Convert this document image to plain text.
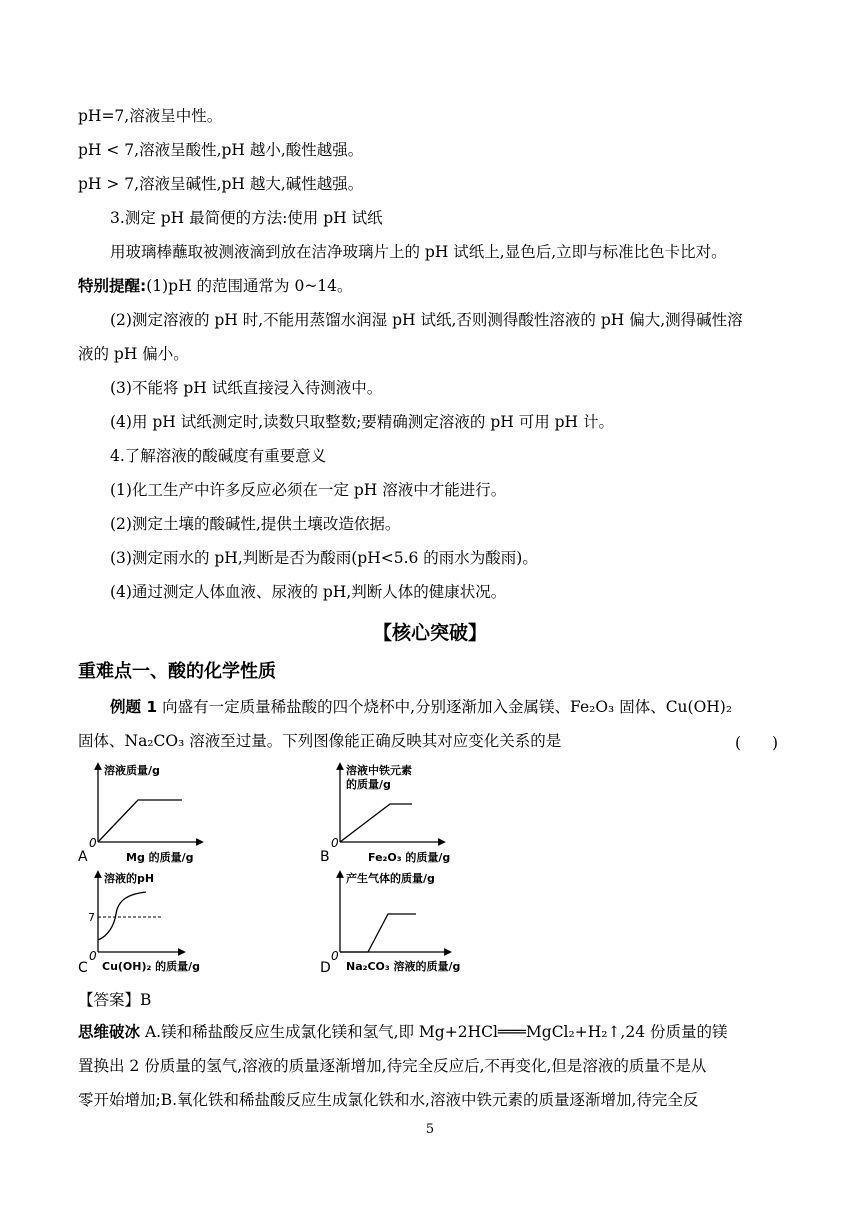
pH=7,溶液呈中性。
pH < 7,溶液呈酸性,pH 越小,酸性越强。
pH > 7,溶液呈碱性,pH 越大,碱性越强。
3.测定 pH 最简便的方法:使用 pH 试纸
用玻璃棒蘸取被测液滴到放在洁净玻璃片上的 pH 试纸上,显色后,立即与标准比色卡比对。
特别提醒:(1)pH 的范围通常为 0~14。
(2)测定溶液的 pH 时,不能用蒸馏水润湿 pH 试纸,否则测得酸性溶液的 pH 偏大,测得碱性溶
液的 pH 偏小。
(3)不能将 pH 试纸直接浸入待测液中。
(4)用 pH 试纸测定时,读数只取整数;要精确测定溶液的 pH 可用 pH 计。
4.了解溶液的酸碱度有重要意义
(1)化工生产中许多反应必须在一定 pH 溶液中才能进行。
(2)测定土壤的酸碱性,提供土壤改造依据。
(3)测定雨水的 pH,判断是否为酸雨(pH<5.6 的雨水为酸雨)。
(4)通过测定人体血液、尿液的 pH,判断人体的健康状况。
【核心突破】
重难点一、酸的化学性质
例题 1 向盛有一定质量稀盐酸的四个烧杯中,分别逐渐加入金属镁、Fe₂O₃ 固体、Cu(OH)₂
固体、Na₂CO₃ 溶液至过量。下列图像能正确反映其对应变化关系的是	(　　)
溶液质量/g
0
A	Mg 的质量/g
溶液中铁元素
的质量/g
0
B	Fe₂O₃ 的质量/g
溶液的pH
7
0
C Cu(OH)₂ 的质量/g
产生气体的质量/g
0
D Na₂CO₃ 溶液的质量/g
【答案】B
思维破冰 A.镁和稀盐酸反应生成氯化镁和氢气,即 Mg+2HCl═══MgCl₂+H₂↑,24 份质量的镁
置换出 2 份质量的氢气,溶液的质量逐渐增加,待完全反应后,不再变化,但是溶液的质量不是从
零开始增加;B.氧化铁和稀盐酸反应生成氯化铁和水,溶液中铁元素的质量逐渐增加,待完全反
5
